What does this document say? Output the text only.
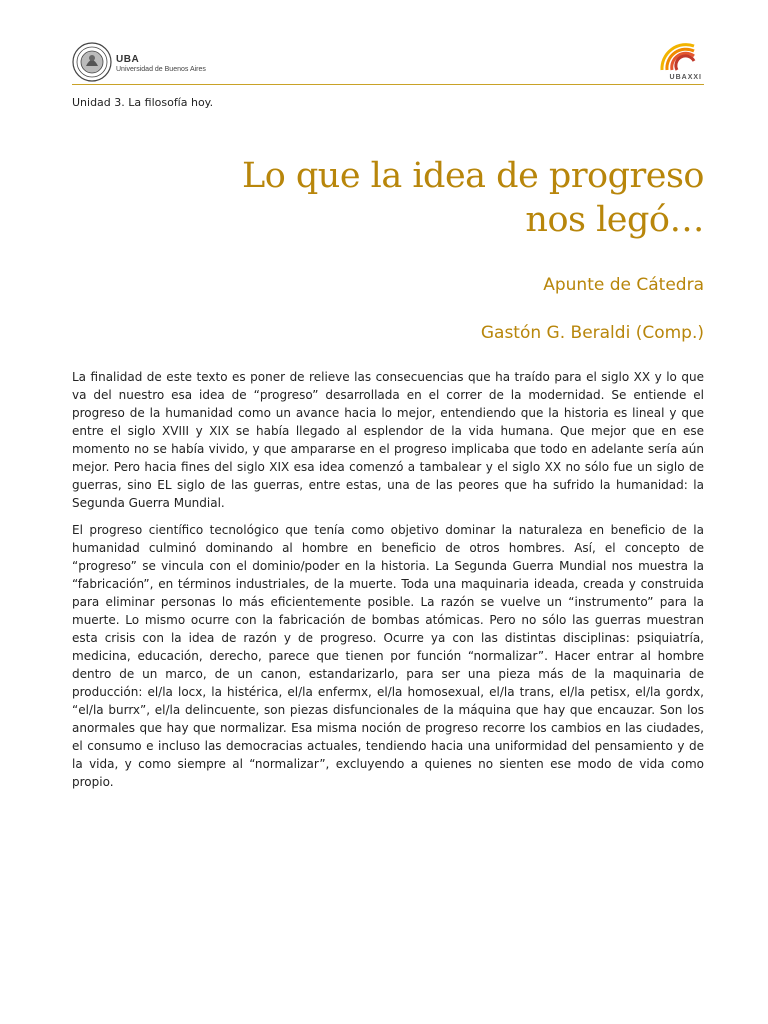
UBA
Universidad de Buenos Aires
UBAXXI
Unidad 3. La filosofía hoy.
Lo que la idea de progreso
nos legó…
Apunte de Cátedra
Gastón G. Beraldi (Comp.)

La finalidad de este texto es poner de relieve las consecuencias que ha traído para el siglo XX y lo que va del nuestro esa idea de “progreso” desarrollada en el correr de la modernidad. Se entiende el progreso de la humanidad como un avance hacia lo mejor, entendiendo que la historia es lineal y que entre el siglo XVIII y XIX se había llegado al esplendor de la vida humana. Que mejor que en ese momento no se había vivido, y que ampararse en el progreso implicaba que todo en adelante sería aún mejor. Pero hacia fines del siglo XIX esa idea comenzó a tambalear y el siglo XX no sólo fue un siglo de guerras, sino EL siglo de las guerras, entre estas, una de las peores que ha sufrido la humanidad: la Segunda Guerra Mundial.

El progreso científico tecnológico que tenía como objetivo dominar la naturaleza en beneficio de la humanidad culminó dominando al hombre en beneficio de otros hombres. Así, el concepto de “progreso” se vincula con el dominio/poder en la historia. La Segunda Guerra Mundial nos muestra la “fabricación”, en términos industriales, de la muerte. Toda una maquinaria ideada, creada y construida para eliminar personas lo más eficientemente posible. La razón se vuelve un “instrumento” para la muerte. Lo mismo ocurre con la fabricación de bombas atómicas. Pero no sólo las guerras muestran esta crisis con la idea de razón y de progreso. Ocurre ya con las distintas disciplinas: psiquiatría, medicina, educación, derecho, parece que tienen por función “normalizar”. Hacer entrar al hombre dentro de un marco, de un canon, estandarizarlo, para ser una pieza más de la maquinaria de producción: el/la locx, la histérica, el/la enfermx, el/la homosexual, el/la trans, el/la petisx, el/la gordx, “el/la burrx”, el/la delincuente, son piezas disfuncionales de la máquina que hay que encauzar. Son los anormales que hay que normalizar. Esa misma noción de progreso recorre los cambios en las ciudades, el consumo e incluso las democracias actuales, tendiendo hacia una uniformidad del pensamiento y de la vida, y como siempre al “normalizar”, excluyendo a quienes no sienten ese modo de vida como propio.
